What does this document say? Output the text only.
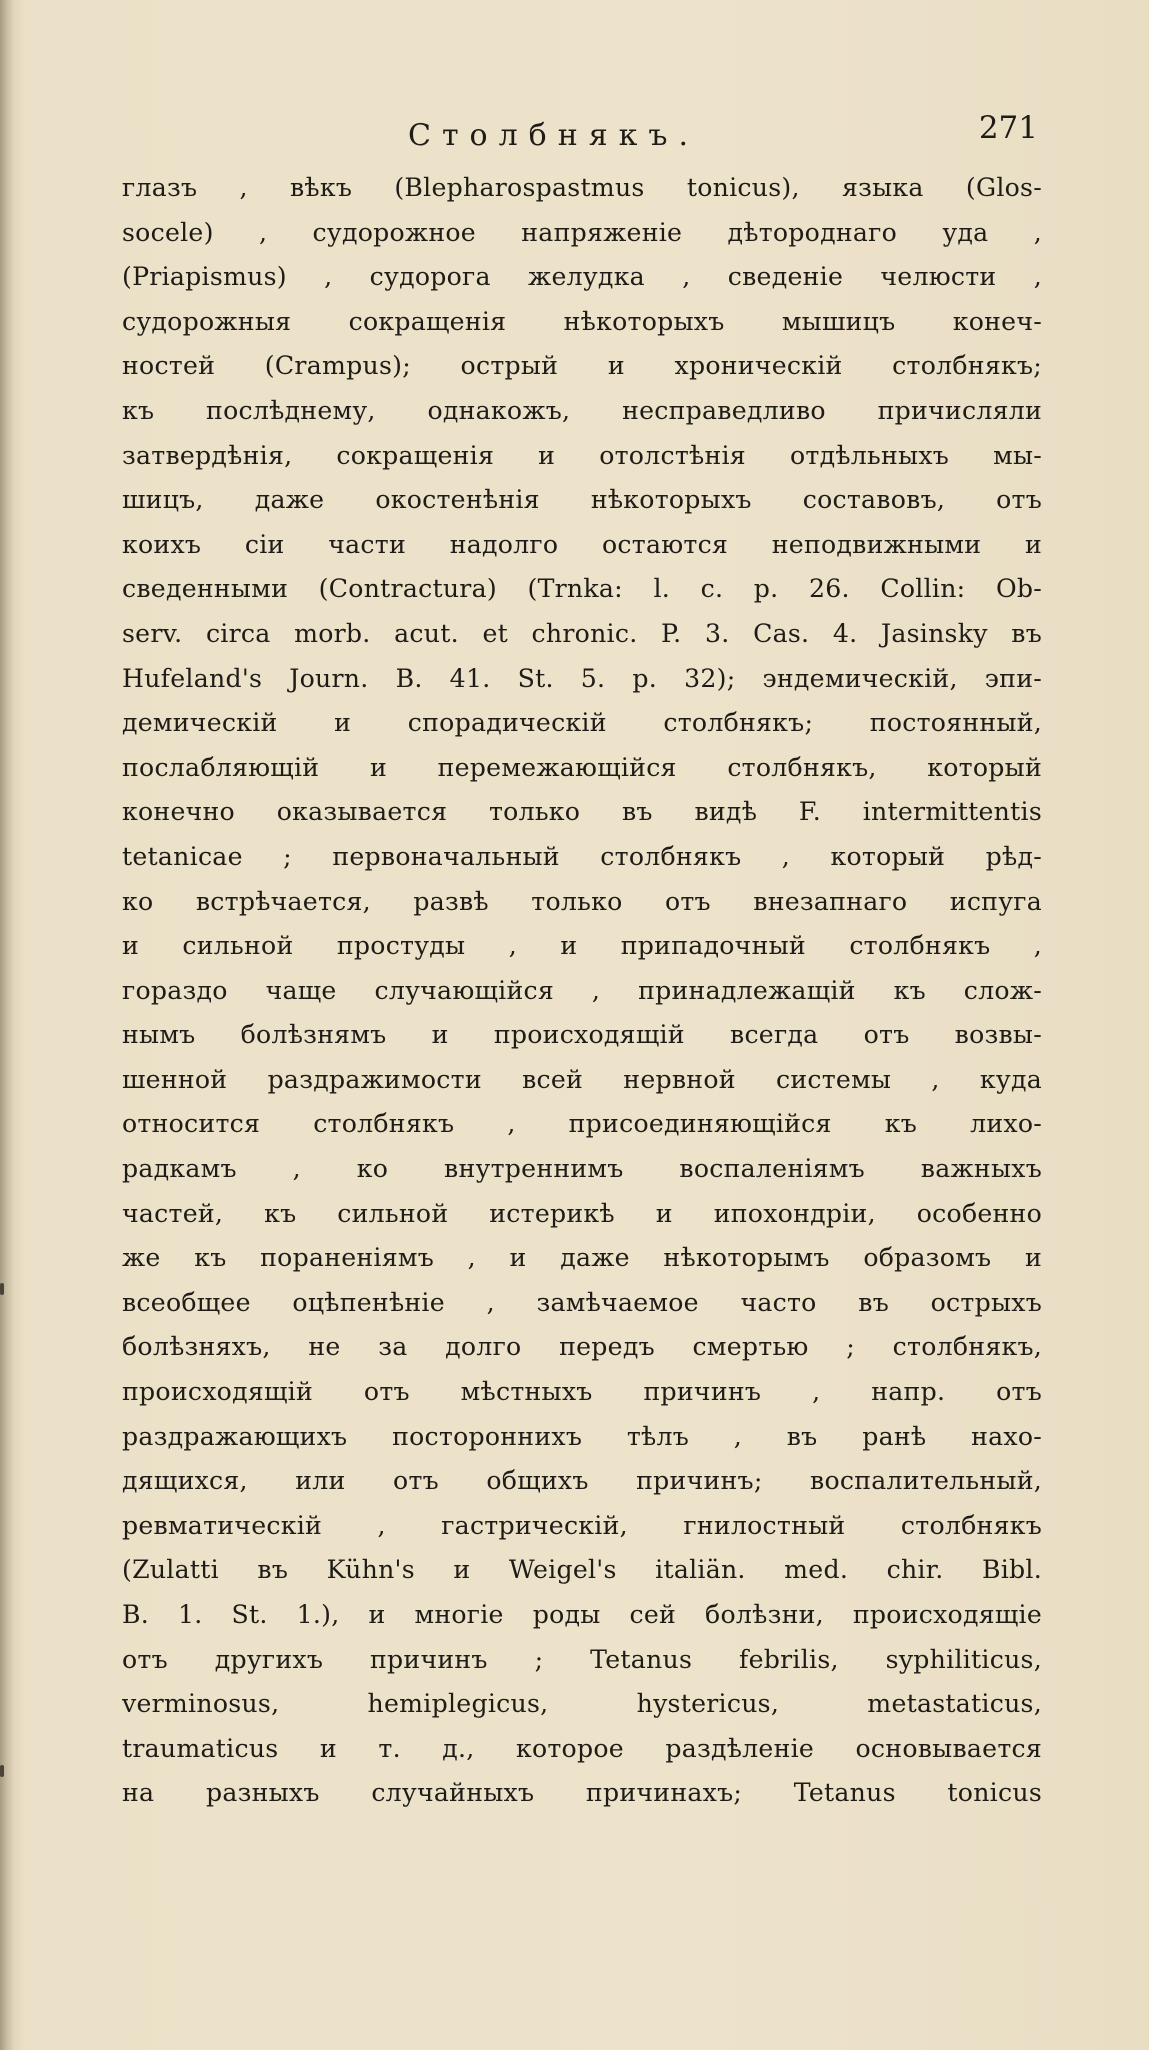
Столбнякъ.	271
глазъ , вѣкъ (Blepharospastmus tonicus), языка (Glos-
socele) , судорожное напряженіе дѣтороднаго уда ,
(Priapismus) , судорога желудка , сведеніе челюсти ,
судорожныя сокращенія нѣкоторыхъ мышицъ конеч-
ностей (Crampus); острый и хроническій столбнякъ;
къ послѣднему, однакожъ, несправедливо причисляли
затвердѣнія, сокращенія и отолстѣнія отдѣльныхъ мы-
шицъ, даже окостенѣнія нѣкоторыхъ составовъ, отъ
коихъ сіи части надолго остаются неподвижными и
сведенными (Contractura) (Trnka: l. c. p. 26. Collin: Ob-
serv. circa morb. acut. et chronic. P. 3. Cas. 4. Jasinsky въ
Hufeland's Journ. B. 41. St. 5. p. 32); эндемическій, эпи-
демическій и спорадическій столбнякъ; постоянный,
послабляющій и перемежающійся столбнякъ, который
конечно оказывается только въ видѣ F. intermittentis
tetanicae ; первоначальный столбнякъ , который рѣд-
ко встрѣчается, развѣ только отъ внезапнаго испуга
и сильной простуды , и припадочный столбнякъ ,
гораздо чаще случающійся , принадлежащій къ слож-
нымъ болѣзнямъ и происходящій всегда отъ возвы-
шенной раздражимости всей нервной системы , куда
относится столбнякъ , присоединяющійся къ лихо-
радкамъ , ко внутреннимъ воспаленіямъ важныхъ
частей, къ сильной истерикѣ и ипохондріи, особенно
же къ пораненіямъ , и даже нѣкоторымъ образомъ и
всеобщее оцѣпенѣніе , замѣчаемое часто въ острыхъ
болѣзняхъ, не за долго передъ смертью ; столбнякъ,
происходящій отъ мѣстныхъ причинъ , напр. отъ
раздражающихъ постороннихъ тѣлъ , въ ранѣ нахо-
дящихся, или отъ общихъ причинъ; воспалительный,
ревматическій , гастрическій, гнилостный столбнякъ
(Zulatti въ Kühn's и Weigel's italiän. med. chir. Bibl.
B. 1. St. 1.), и многіе роды сей болѣзни, происходящіе
отъ другихъ причинъ ; Tetanus febrilis, syphiliticus,
verminosus, hemiplegicus, hystericus, metastaticus,
traumaticus и т. д., которое раздѣленіе основывается
на разныхъ случайныхъ причинахъ; Tetanus tonicus
